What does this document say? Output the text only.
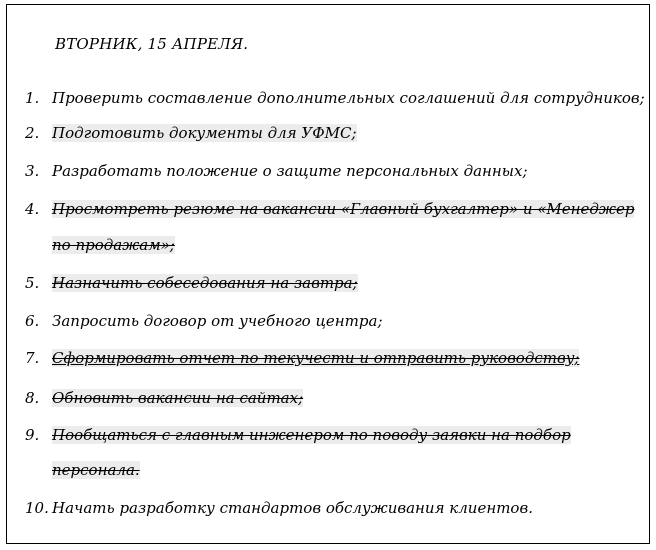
ВТОРНИК, 15 АПРЕЛЯ.
1. Проверить составление дополнительных соглашений для сотрудников;
2. Подготовить документы для УФМС;
3. Разработать положение о защите персональных данных;
4. Просмотреть резюме на вакансии «Главный бухгалтер» и «Менеджер
по продажам»;
5. Назначить собеседования на завтра;
6. Запросить договор от учебного центра;
7. Сформировать отчет по текучести и отправить руководству;
8. Обновить вакансии на сайтах;
9. Пообщаться с главным инженером по поводу заявки на подбор
персонала.
10. Начать разработку стандартов обслуживания клиентов.
